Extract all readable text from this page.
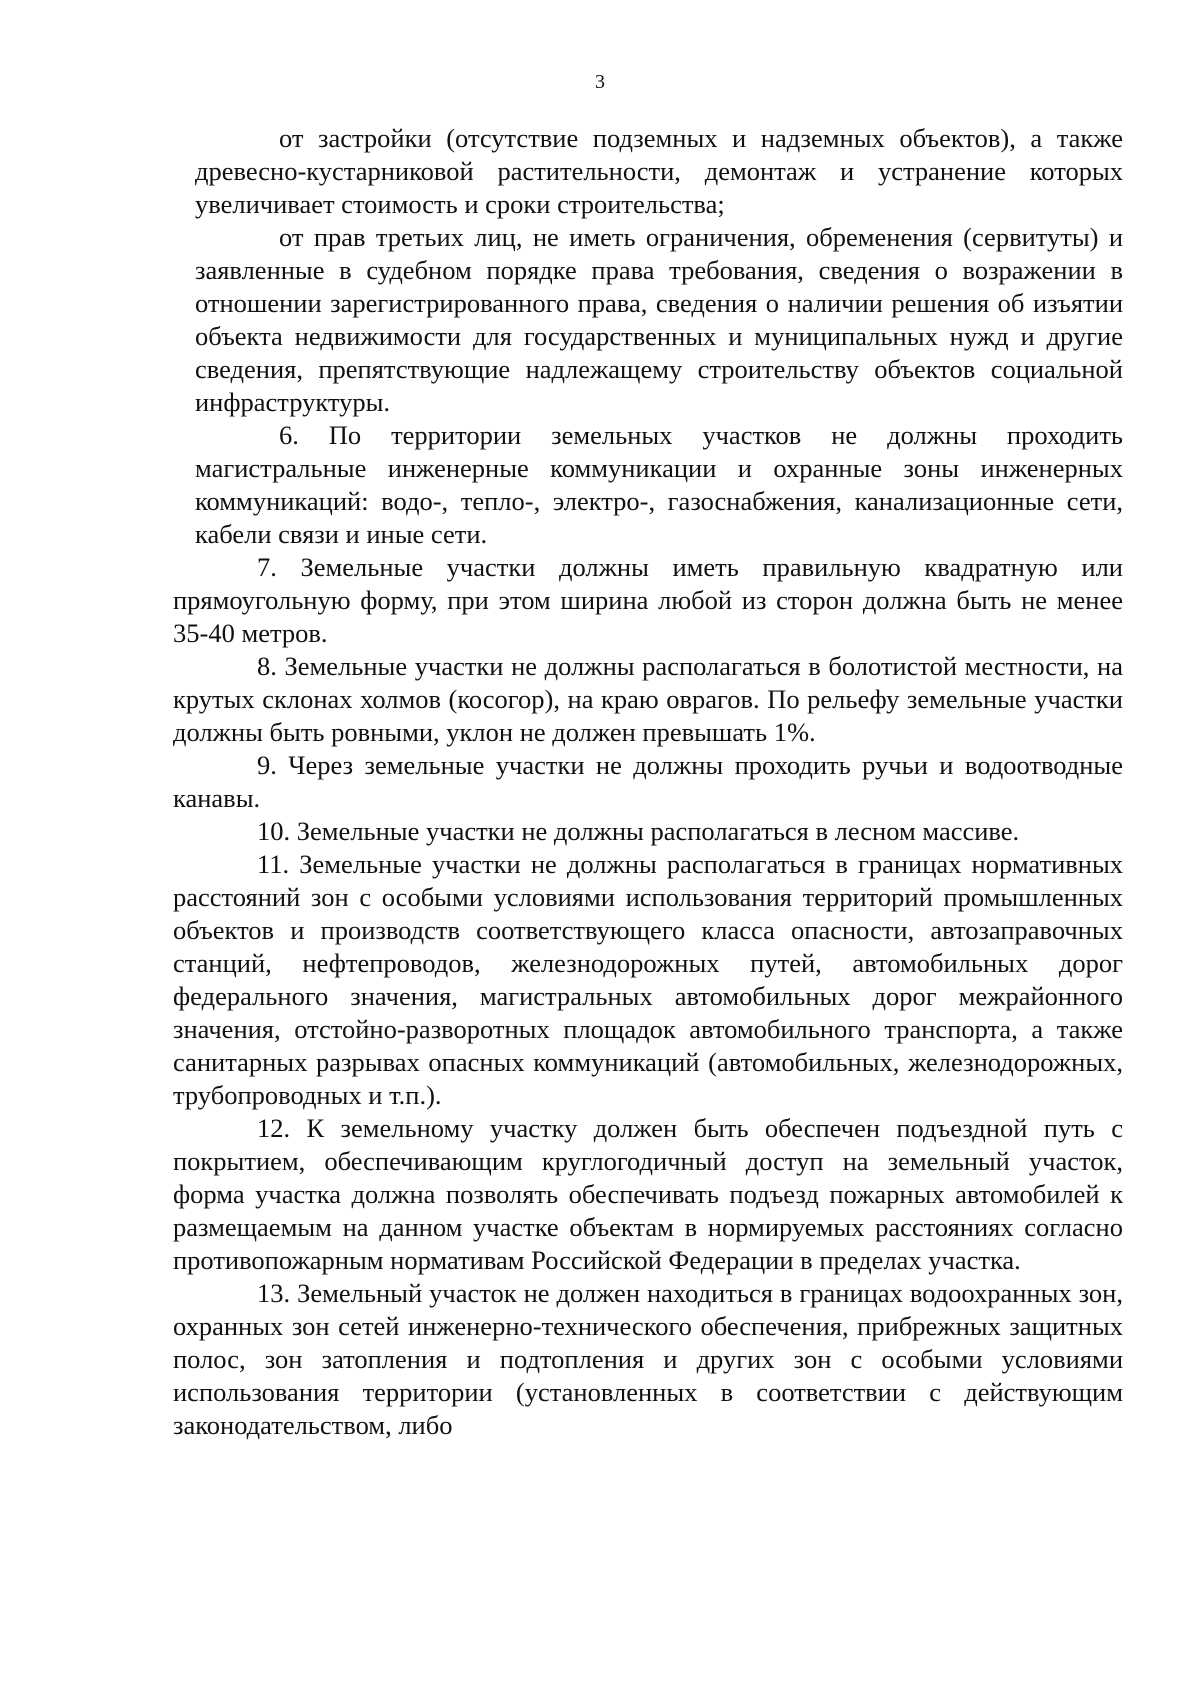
3

от застройки (отсутствие подземных и надземных объектов), а также древесно-кустарниковой растительности, демонтаж и устранение которых увеличивает стоимость и сроки строительства;

от прав третьих лиц, не иметь ограничения, обременения (сервитуты) и заявленные в судебном порядке права требования, сведения о возражении в отношении зарегистрированного права, сведения о наличии решения об изъятии объекта недвижимости для государственных и муниципальных нужд и другие сведения, препятствующие надлежащему строительству объектов социальной инфраструктуры.

6. По территории земельных участков не должны проходить магистральные инженерные коммуникации и охранные зоны инженерных коммуникаций: водо-, тепло-, электро-, газоснабжения, канализационные сети, кабели связи и иные сети.

7. Земельные участки должны иметь правильную квадратную или прямоугольную форму, при этом ширина любой из сторон должна быть не менее 35-40 метров.

8. Земельные участки не должны располагаться в болотистой местности, на крутых склонах холмов (косогор), на краю оврагов. По рельефу земельные участки должны быть ровными, уклон не должен превышать 1%.

9. Через земельные участки не должны проходить ручьи и водоотводные канавы.

10. Земельные участки не должны располагаться в лесном массиве.

11. Земельные участки не должны располагаться в границах нормативных расстояний зон с особыми условиями использования территорий промышленных объектов и производств соответствующего класса опасности, автозаправочных станций, нефтепроводов, железнодорожных путей, автомобильных дорог федерального значения, магистральных автомобильных дорог межрайонного значения, отстойно-разворотных площадок автомобильного транспорта, а также санитарных разрывах опасных коммуникаций (автомобильных, железнодорожных, трубопроводных и т.п.).

12. К земельному участку должен быть обеспечен подъездной путь с покрытием, обеспечивающим круглогодичный доступ на земельный участок, форма участка должна позволять обеспечивать подъезд пожарных автомобилей к размещаемым на данном участке объектам в нормируемых расстояниях согласно противопожарным нормативам Российской Федерации в пределах участка.

13. Земельный участок не должен находиться в границах водоохранных зон, охранных зон сетей инженерно-технического обеспечения, прибрежных защитных полос, зон затопления и подтопления и других зон с особыми условиями использования территории (установленных в соответствии с действующим законодательством, либо
